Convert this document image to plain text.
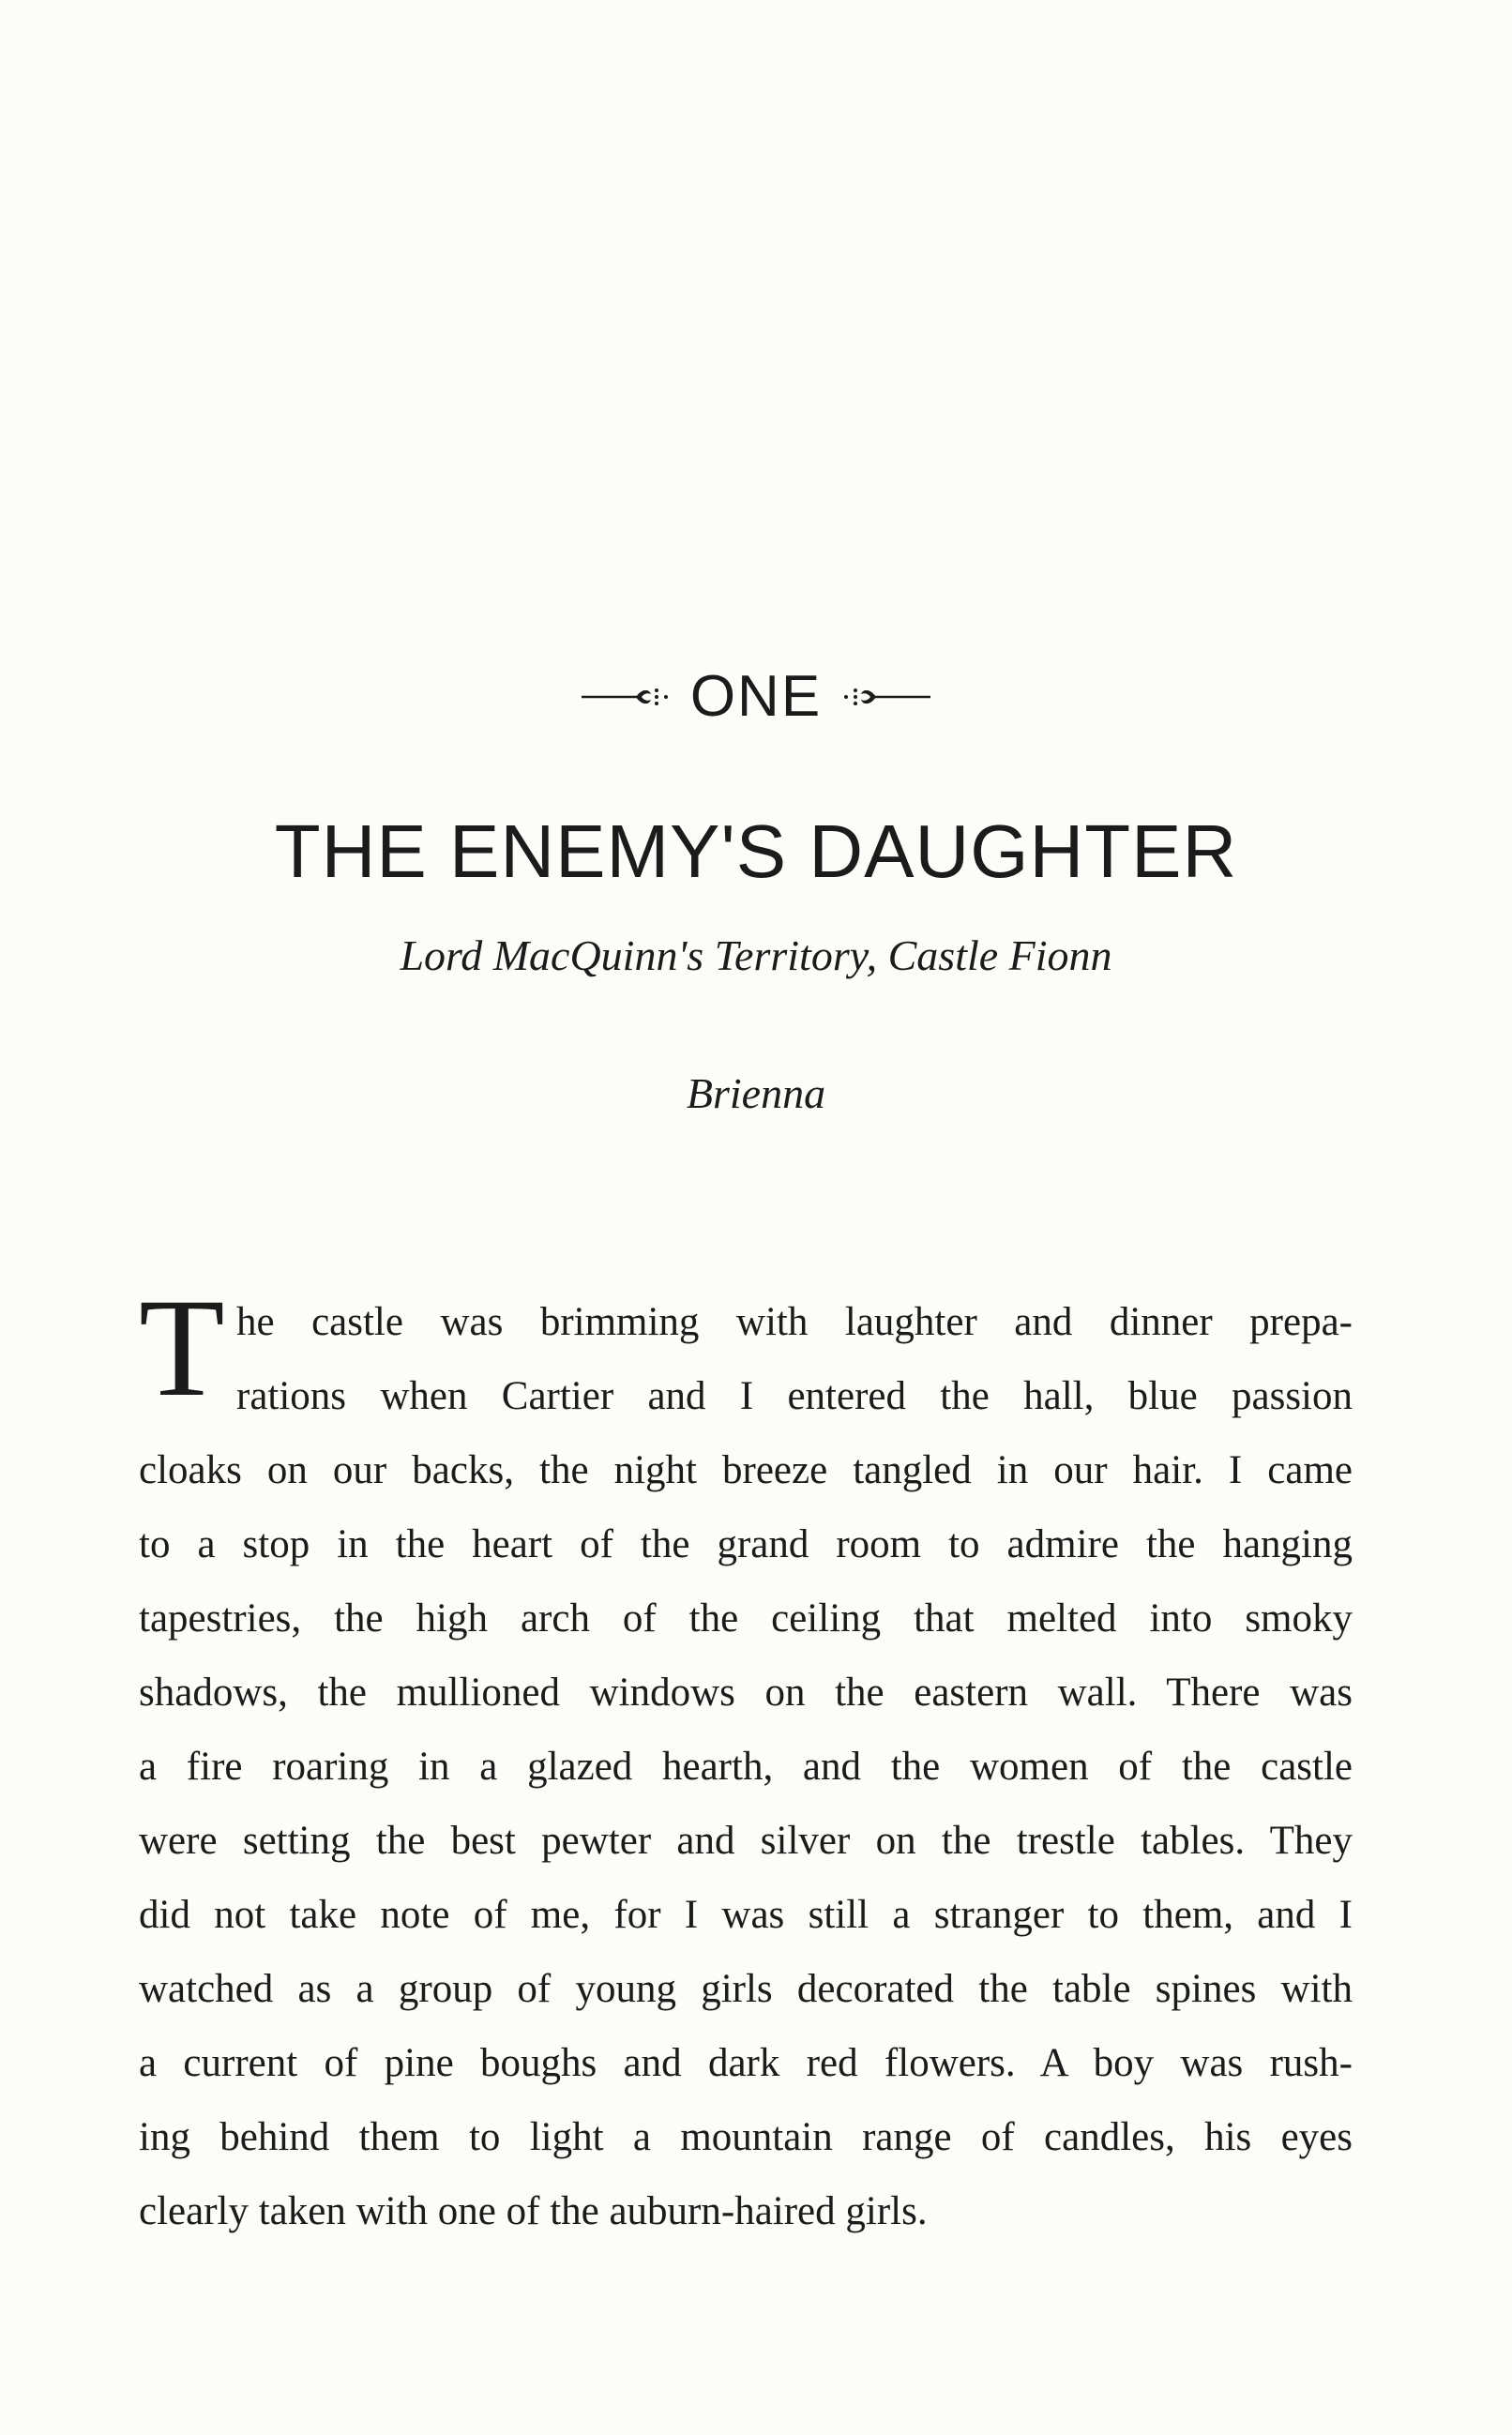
ONE
THE ENEMY'S DAUGHTER
Lord MacQuinn's Territory, Castle Fionn
Brienna
T he castle was brimming with laughter and dinner prepa-
rations when Cartier and I entered the hall, blue passion
cloaks on our backs, the night breeze tangled in our hair. I came
to a stop in the heart of the grand room to admire the hanging
tapestries, the high arch of the ceiling that melted into smoky
shadows, the mullioned windows on the eastern wall. There was
a fire roaring in a glazed hearth, and the women of the castle
were setting the best pewter and silver on the trestle tables. They
did not take note of me, for I was still a stranger to them, and I
watched as a group of young girls decorated the table spines with
a current of pine boughs and dark red flowers. A boy was rush-
ing behind them to light a mountain range of candles, his eyes
clearly taken with one of the auburn-haired girls.
